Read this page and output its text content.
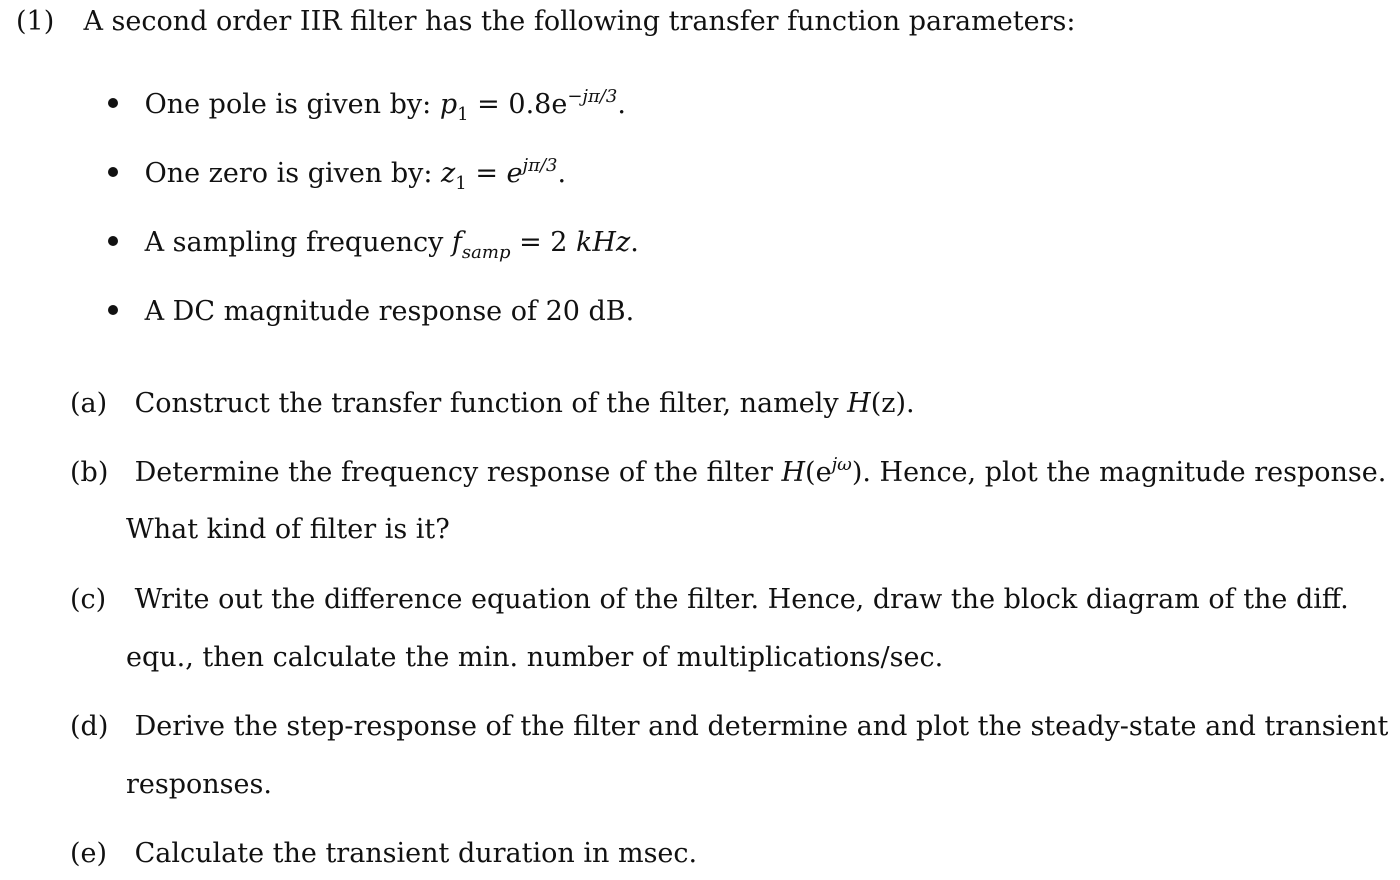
(1) A second order IIR filter has the following transfer function parameters:
One pole is given by: $p_1 = 0.8e^{-j\pi/3}$.
One zero is given by: $z_1 = e^{j\pi/3}$.
A sampling frequency $f_{samp} = 2$ kHz.
A DC magnitude response of 20 dB.
(a) Construct the transfer function of the filter, namely H(z).
(b) Determine the frequency response of the filter $H(e^{j\omega})$. Hence, plot the magnitude response.
What kind of filter is it?
(c) Write out the difference equation of the filter. Hence, draw the block diagram of the diff.
equ., then calculate the min. number of multiplications/sec.
(d) Derive the step-response of the filter and determine and plot the steady-state and transient
responses.
(e) Calculate the transient duration in msec.
